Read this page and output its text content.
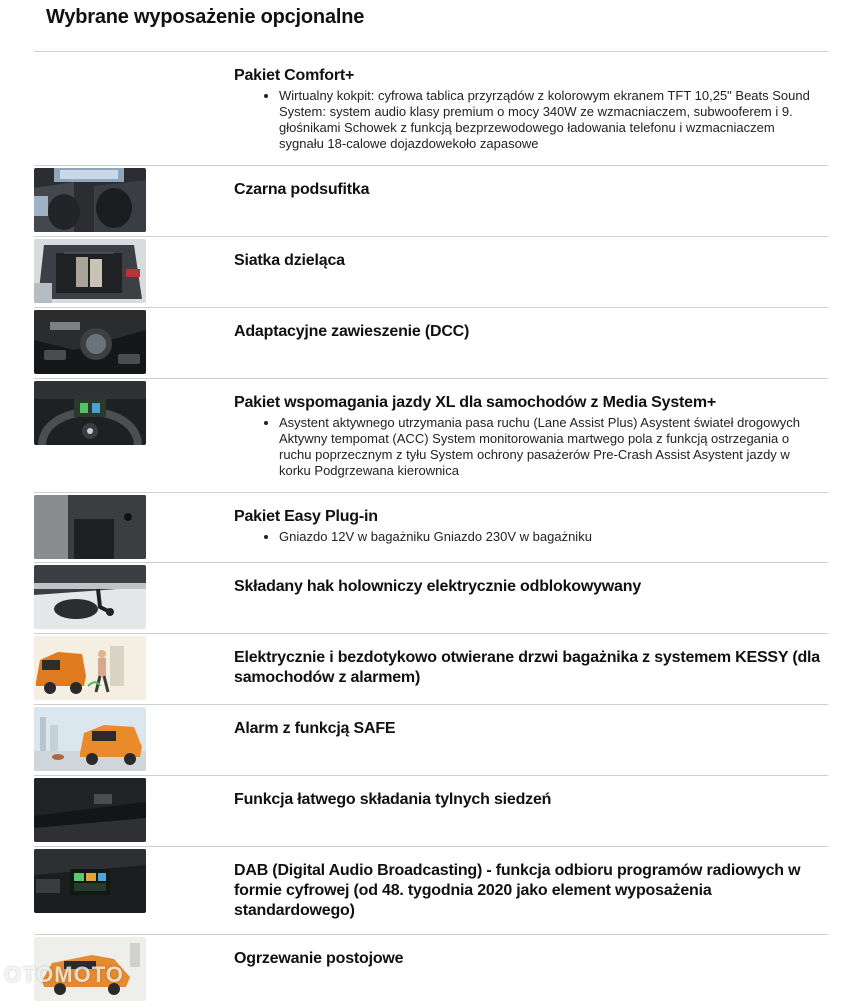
Wybrane wyposażenie opcjonalne
Pakiet Comfort+
• Wirtualny kokpit: cyfrowa tablica przyrządów z kolorowym ekranem TFT 10,25" Beats Sound System: system audio klasy premium o mocy 340W ze wzmacniaczem, subwooferem i 9. głośnikami Schowek z funkcją bezprzewodowego ładowania telefonu i wzmacniaczem sygnału 18-calowe dojazdowekoło zapasowe
Czarna podsufitka
Siatka dzieląca
Adaptacyjne zawieszenie (DCC)
Pakiet wspomagania jazdy XL dla samochodów z Media System+
• Asystent aktywnego utrzymania pasa ruchu (Lane Assist Plus) Asystent świateł drogowych Aktywny tempomat (ACC) System monitorowania martwego pola z funkcją ostrzegania o ruchu poprzecznym z tyłu System ochrony pasażerów Pre-Crash Assist Asystent jazdy w korku Podgrzewana kierownica
Pakiet Easy Plug-in
• Gniazdo 12V w bagażniku Gniazdo 230V w bagażniku
Składany hak holowniczy elektrycznie odblokowywany
Elektrycznie i bezdotykowo otwierane drzwi bagażnika z systemem KESSY (dla samochodów z alarmem)
Alarm z funkcją SAFE
Funkcja łatwego składania tylnych siedzeń
DAB (Digital Audio Broadcasting) - funkcja odbioru programów radiowych w formie cyfrowej (od 48. tygodnia 2020 jako element wyposażenia standardowego)
Ogrzewanie postojowe
OTOMOTO
